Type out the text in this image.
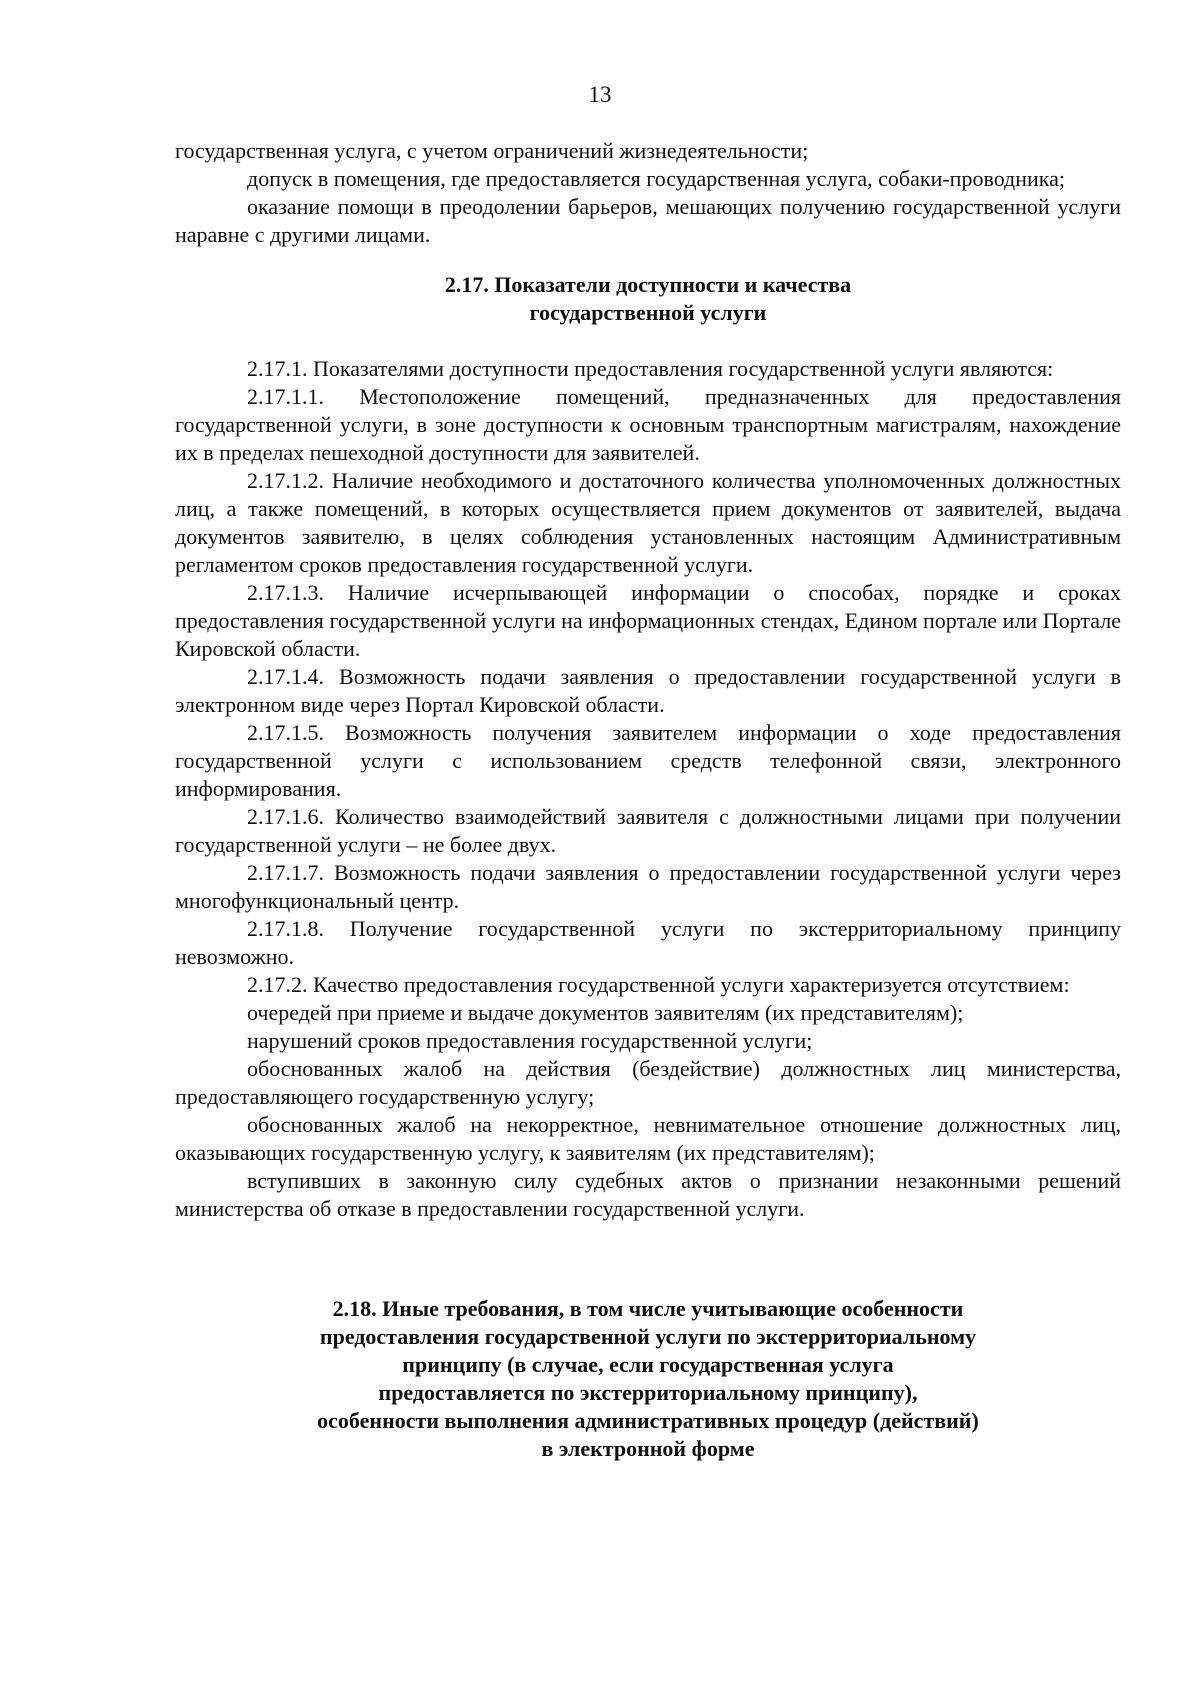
13

государственная услуга, с учетом ограничений жизнедеятельности;

допуск в помещения, где предоставляется государственная услуга, собаки-проводника;

оказание помощи в преодолении барьеров, мешающих получению государственной услуги наравне с другими лицами.

2.17. Показатели доступности и качества
государственной услуги

2.17.1. Показателями доступности предоставления государственной услуги являются:

2.17.1.1. Местоположение помещений, предназначенных для предоставления государственной услуги, в зоне доступности к основным транспортным магистралям, нахождение их в пределах пешеходной доступности для заявителей.

2.17.1.2. Наличие необходимого и достаточного количества уполномоченных должностных лиц, а также помещений, в которых осуществляется прием документов от заявителей, выдача документов заявителю, в целях соблюдения установленных настоящим Административным регламентом сроков предоставления государственной услуги.

2.17.1.3. Наличие исчерпывающей информации о способах, порядке и сроках предоставления государственной услуги на информационных стендах, Едином портале или Портале Кировской области.

2.17.1.4. Возможность подачи заявления о предоставлении государственной услуги в электронном виде через Портал Кировской области.

2.17.1.5. Возможность получения заявителем информации о ходе предоставления государственной услуги с использованием средств телефонной связи, электронного информирования.

2.17.1.6. Количество взаимодействий заявителя с должностными лицами при получении государственной услуги – не более двух.

2.17.1.7. Возможность подачи заявления о предоставлении государственной услуги через многофункциональный центр.

2.17.1.8. Получение государственной услуги по экстерриториальному принципу невозможно.

2.17.2. Качество предоставления государственной услуги характеризуется отсутствием:

очередей при приеме и выдаче документов заявителям (их представителям);

нарушений сроков предоставления государственной услуги;

обоснованных жалоб на действия (бездействие) должностных лиц министерства, предоставляющего государственную услугу;

обоснованных жалоб на некорректное, невнимательное отношение должностных лиц, оказывающих государственную услугу, к заявителям (их представителям);

вступивших в законную силу судебных актов о признании незаконными решений министерства об отказе в предоставлении государственной услуги.

2.18. Иные требования, в том числе учитывающие особенности
предоставления государственной услуги по экстерриториальному
принципу (в случае, если государственная услуга
предоставляется по экстерриториальному принципу),
особенности выполнения административных процедур (действий)
в электронной форме
